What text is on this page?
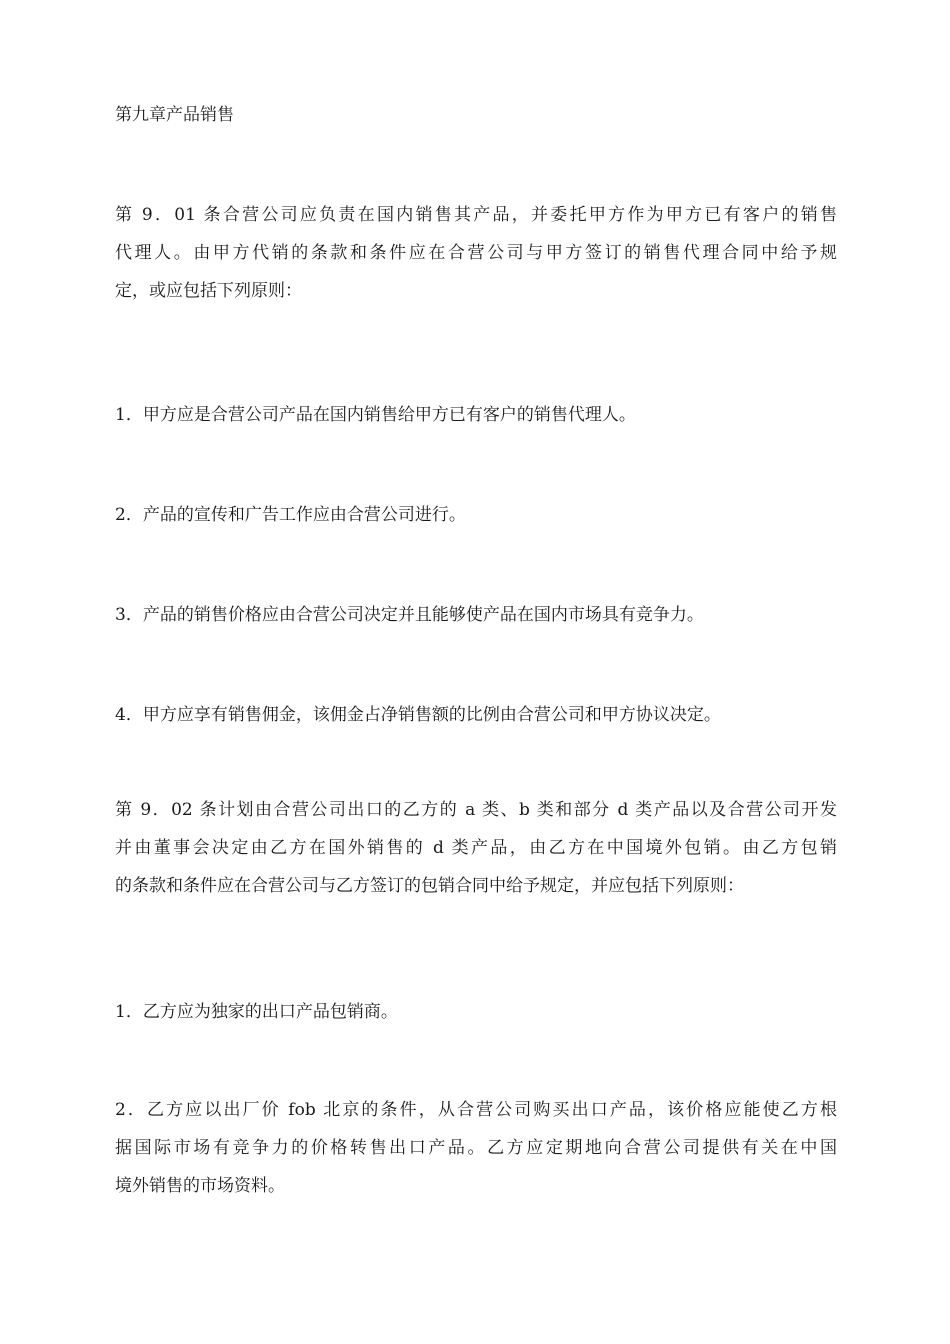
第九章产品销售

第 9．01 条合营公司应负责在国内销售其产品，并委托甲方作为甲方已有客户的销售
代理人。由甲方代销的条款和条件应在合营公司与甲方签订的销售代理合同中给予规
定，或应包括下列原则：

1．甲方应是合营公司产品在国内销售给甲方已有客户的销售代理人。

2．产品的宣传和广告工作应由合营公司进行。

3．产品的销售价格应由合营公司决定并且能够使产品在国内市场具有竞争力。

4．甲方应享有销售佣金，该佣金占净销售额的比例由合营公司和甲方协议决定。

第 9．02 条计划由合营公司出口的乙方的 a 类、b 类和部分 d 类产品以及合营公司开发
并由董事会决定由乙方在国外销售的 d 类产品，由乙方在中国境外包销。由乙方包销
的条款和条件应在合营公司与乙方签订的包销合同中给予规定，并应包括下列原则：

1．乙方应为独家的出口产品包销商。

2．乙方应以出厂价 fob 北京的条件，从合营公司购买出口产品，该价格应能使乙方根
据国际市场有竞争力的价格转售出口产品。乙方应定期地向合营公司提供有关在中国
境外销售的市场资料。
